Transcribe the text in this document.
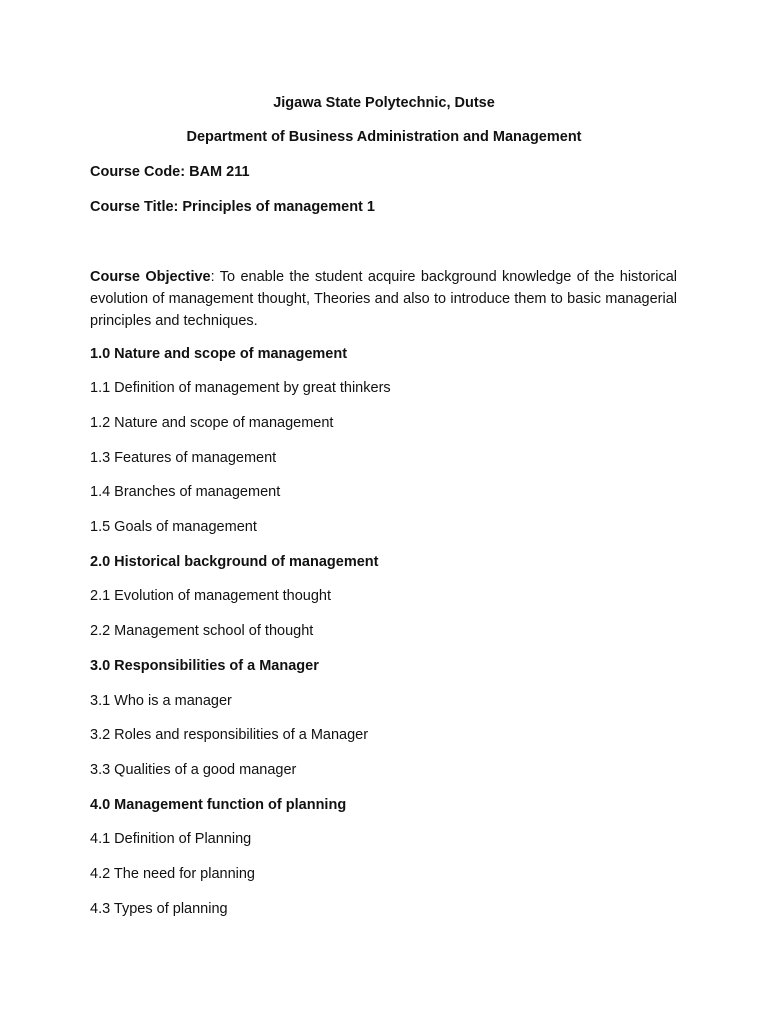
Jigawa State Polytechnic, Dutse
Department of Business Administration and Management
Course Code: BAM 211
Course Title: Principles of management 1
Course Objective: To enable the student acquire background knowledge of the historical evolution of management thought, Theories and also to introduce them to basic managerial principles and techniques.
1.0 Nature and scope of management
1.1 Definition of management by great thinkers
1.2 Nature and scope of management
1.3 Features of management
1.4 Branches of management
1.5 Goals of management
2.0 Historical background of management
2.1 Evolution of management thought
2.2 Management school of thought
3.0 Responsibilities of a Manager
3.1 Who is a manager
3.2 Roles and responsibilities of a Manager
3.3 Qualities of a good manager
4.0 Management function of planning
4.1 Definition of Planning
4.2 The need for planning
4.3 Types of planning
